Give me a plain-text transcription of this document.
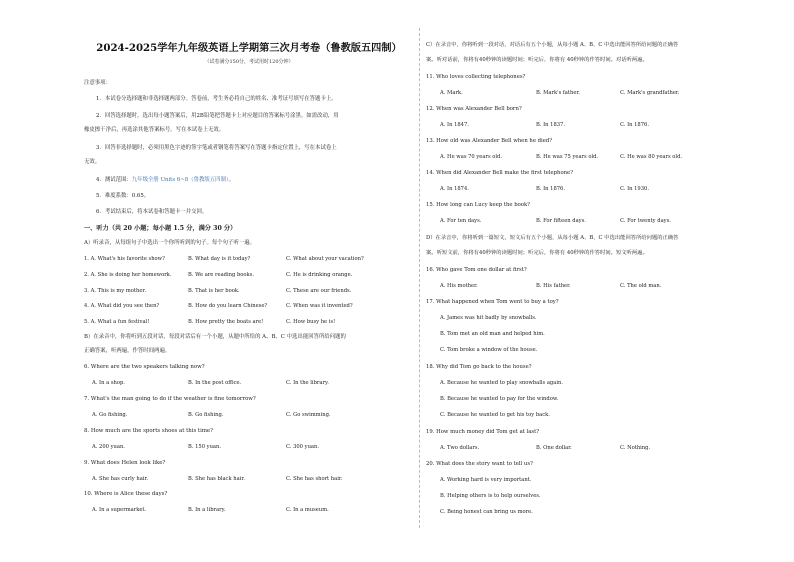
2024-2025学年九年级英语上学期第三次月考卷（鲁教版五四制）
（试卷满分150分，考试用时120分钟）
注意事项：
1．本试卷分选择题和非选择题两部分。答卷前，考生务必将自己的姓名、准考证号填写在答题卡上。
2．回答选择题时，选出每小题答案后，用2B铅笔把答题卡上对应题目的答案标号涂黑。如需改动，用
橡皮擦干净后，再选涂其他答案标号。写在本试卷上无效。
3．回答非选择题时，必须用黑色字迹的签字笔或者钢笔将答案写在答题卡指定位置上，写在本试卷上
无效。
4．测试范围：九年级全册 Units 6~8（鲁教版五四制）。
5．难度系数：0.65。
6．考试结束后，将本试卷和答题卡一并交回。
一、听力（共 20 小题；每小题 1.5 分，满分 30 分）
A）听录音，从每组句子中选出一个你所听到的句子。每个句子听一遍。
1. A. What's his favorite show?	B. What day is it today?	C. What about your vacation?
2. A. She is doing her homework.	B. We are reading books.	C. He is drinking orange.
3. A. This is my mother.	B. That is her book.	C. These are our friends.
4. A. What did you see then?	B. How do you learn Chinese?	C. When was it invented?
5. A. What a fun festival!	B. How pretty the boats are!	C. How busy he is!
B）在录音中，你将听到五段对话，每段对话后有一个小题，从题中所给的 A、B、C 中选出能回答所给问题的
正确答案，听两遍，作答时间两遍。
6. Where are the two speakers talking now?
A. In a shop.	B. In the post office.	C. In the library.
7. What's the man going to do if the weather is fine tomorrow?
A. Go fishing.	B. Go fishing.	C. Go swimming.
8. How much are the sports shoes at this time?
A. 200 yuan.	B. 150 yuan.	C. 300 yuan.
9. What does Helen look like?
A. She has curly hair.	B. She has black hair.	C. She has short hair.
10. Where is Alice these days?
A. In a supermarket.	B. In a library.	C. In a museum.
C）在录音中，你将听到一段对话，对话后有五个小题，从每小题 A、B、C 中选出能回答所给问题的正确答
案。听对话前，你将有40秒钟的读题时间；听完后，你将有 40秒钟的作答时间。对话听两遍。
11. Who loves collecting telephones?
A. Mark.	B. Mark's father.	C. Mark's grandfather.
12. When was Alexander Bell born?
A. In 1847.	B. In 1837.	C. In 1876.
13. How old was Alexander Bell when he died?
A. He was 70 years old.	B. He was 75 years old.	C. He was 80 years old.
14. When did Alexander Bell make the first telephone?
A. In 1874.	B. In 1876.	C. In 1930.
15. How long can Lucy keep the book?
A. For ten days.	B. For fifteen days.	C. For twenty days.
D）在录音中，你将听到一篇短文，短文后有五个小题，从每小题 A、B、C 中选出能回答所给问题的正确答
案。听短文前，你将有40秒钟的读题时间；听完后，你将有 40秒钟的作答时间。短文听两遍。
16. Who gave Tom one dollar at first?
A. His mother.	B. His father.	C. The old man.
17. What happened when Tom went to buy a toy?
A. James was hit badly by snowballs.
B. Tom met an old man and helped him.
C. Tom broke a window of the house.
18. Why did Tom go back to the house?
A. Because he wanted to play snowballs again.
B. Because he wanted to pay for the window.
C. Because he wanted to get his toy back.
19. How much money did Tom get at last?
A. Two dollars.	B. One dollar.	C. Nothing.
20. What does the story want to tell us?
A. Working hard is very important.
B. Helping others is to help ourselves.
C. Being honest can bring us more.
